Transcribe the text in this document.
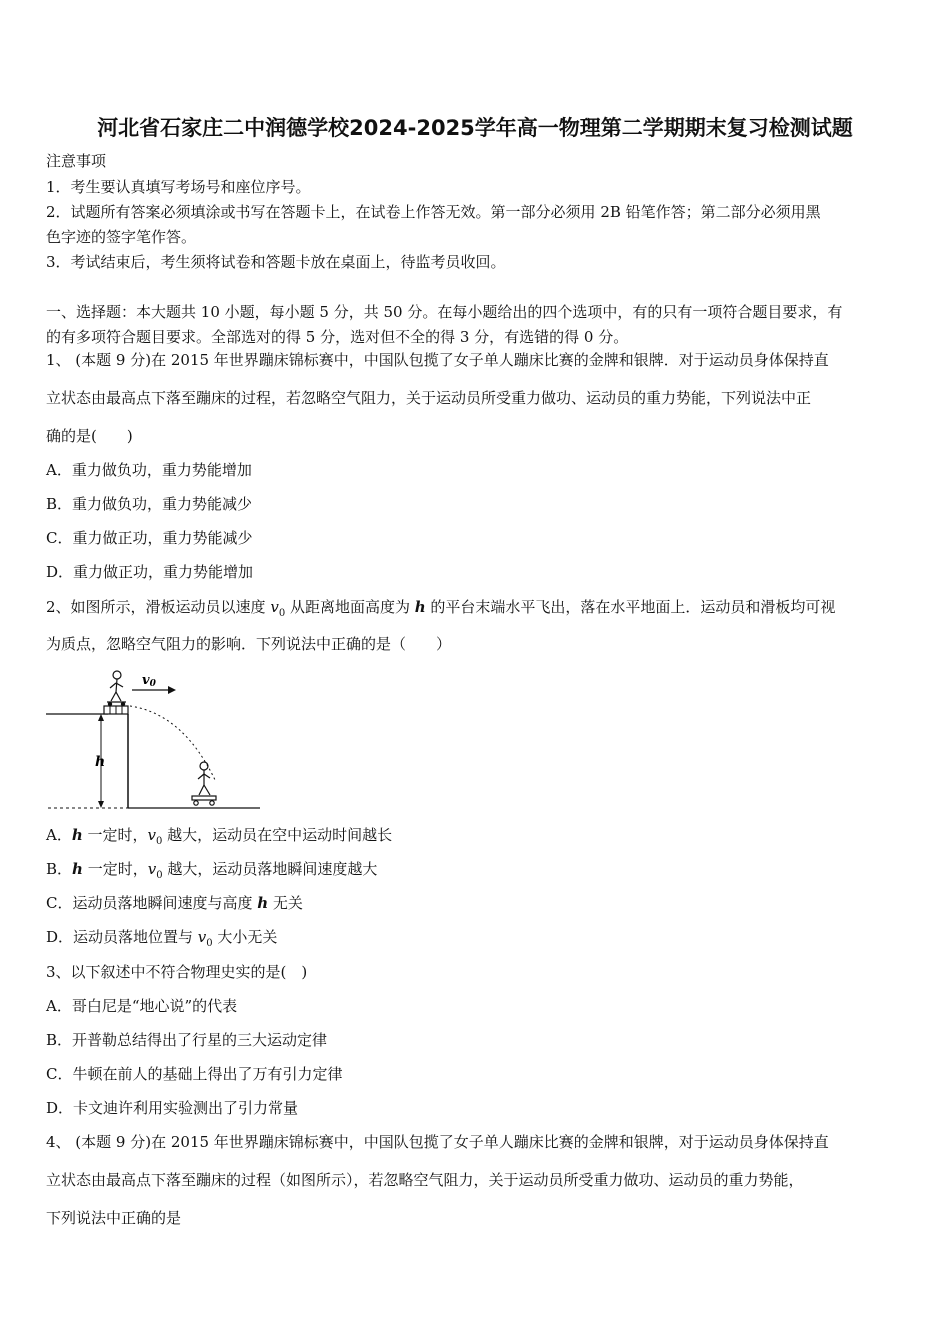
河北省石家庄二中润德学校2024-2025学年高一物理第二学期期末复习检测试题
注意事项
1．考生要认真填写考场号和座位序号。
2．试题所有答案必须填涂或书写在答题卡上，在试卷上作答无效。第一部分必须用 2B 铅笔作答；第二部分必须用黑
色字迹的签字笔作答。
3．考试结束后，考生须将试卷和答题卡放在桌面上，待监考员收回。
一、选择题：本大题共 10 小题，每小题 5 分，共 50 分。在每小题给出的四个选项中，有的只有一项符合题目要求，有
的有多项符合题目要求。全部选对的得 5 分，选对但不全的得 3 分，有选错的得 0 分。
1、 (本题 9 分)在 2015 年世界蹦床锦标赛中，中国队包揽了女子单人蹦床比赛的金牌和银牌．对于运动员身体保持直
立状态由最高点下落至蹦床的过程，若忽略空气阻力，关于运动员所受重力做功、运动员的重力势能，下列说法中正
确的是(　　)
A．重力做负功，重力势能增加
B．重力做负功，重力势能减少
C．重力做正功，重力势能减少
D．重力做正功，重力势能增加
2、如图所示，滑板运动员以速度 $v_0$ 从距离地面高度为 h 的平台末端水平飞出，落在水平地面上．运动员和滑板均可视
为质点，忽略空气阻力的影响．下列说法中正确的是（　　）
h
v0
A．h 一定时，$v_0$ 越大，运动员在空中运动时间越长
B．h 一定时，$v_0$ 越大，运动员落地瞬间速度越大
C．运动员落地瞬间速度与高度 h 无关
D．运动员落地位置与 $v_0$ 大小无关
3、以下叙述中不符合物理史实的是(　)
A．哥白尼是“地心说”的代表
B．开普勒总结得出了行星的三大运动定律
C．牛顿在前人的基础上得出了万有引力定律
D．卡文迪许利用实验测出了引力常量
4、 (本题 9 分)在 2015 年世界蹦床锦标赛中，中国队包揽了女子单人蹦床比赛的金牌和银牌，对于运动员身体保持直
立状态由最高点下落至蹦床的过程（如图所示），若忽略空气阻力，关于运动员所受重力做功、运动员的重力势能，
下列说法中正确的是
